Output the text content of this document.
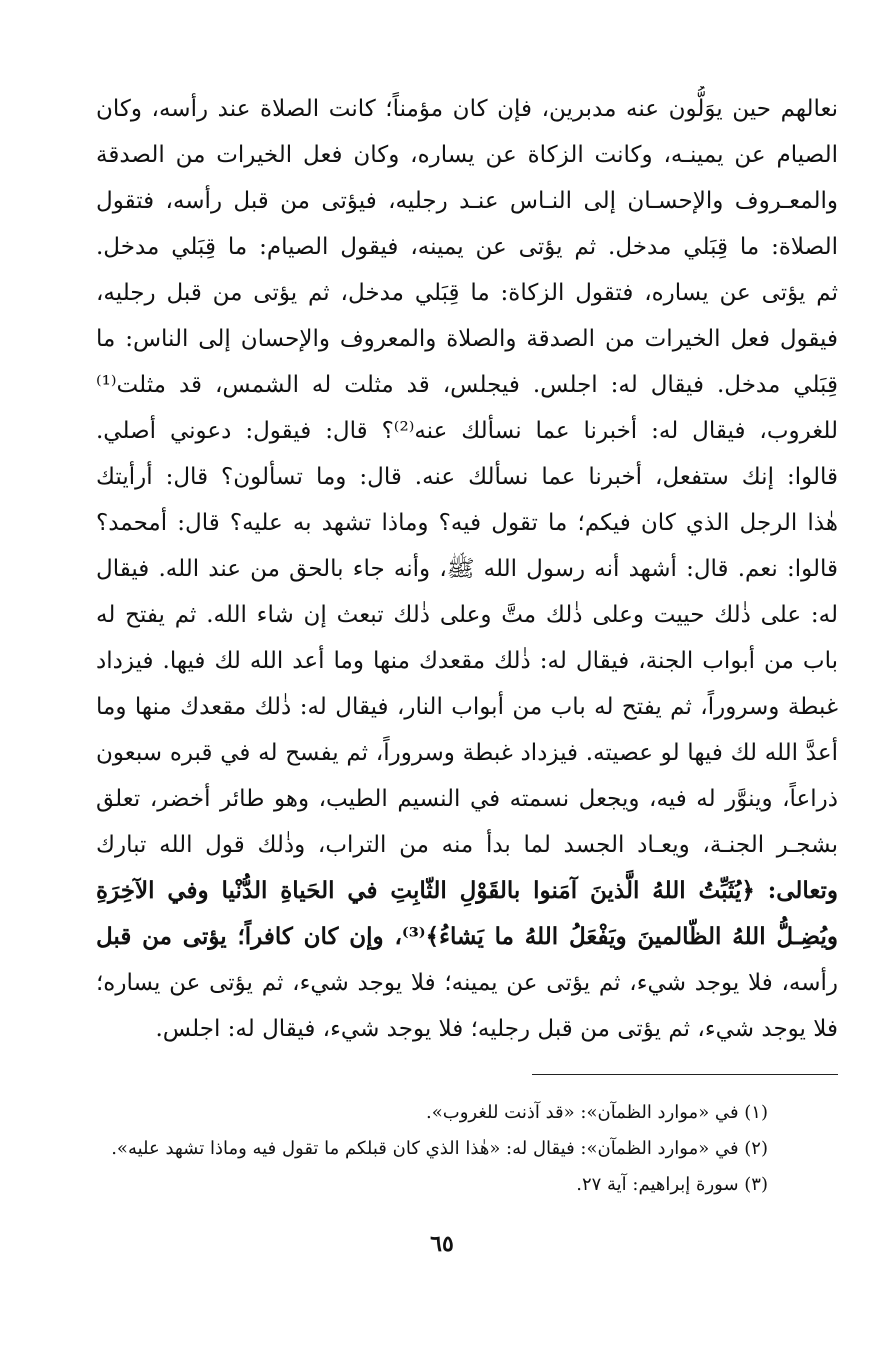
نعالهم حين يوَلُّون عنه مدبرين، فإن كان مؤمناً؛ كانت الصلاة عند رأسه، وكان
الصيام عن يمينـه، وكانت الزكاة عن يساره، وكان فعل الخيرات من الصدقة
والمعـروف والإحسـان إلى النـاس عنـد رجليه، فيؤتى من قبل رأسه، فتقول
الصلاة: ما قِبَلي مدخل. ثم يؤتى عن يمينه، فيقول الصيام: ما قِبَلي مدخل.
ثم يؤتى عن يساره، فتقول الزكاة: ما قِبَلي مدخل، ثم يؤتى من قبل رجليه،
فيقول فعل الخيرات من الصدقة والصلاة والمعروف والإحسان إلى الناس: ما
قِبَلي مدخل. فيقال له: اجلس. فيجلس، قد مثلت له الشمس، قد مثلت⁽¹⁾
للغروب، فيقال له: أخبرنا عما نسألك عنه⁽²⁾؟ قال: فيقول: دعوني أصلي.
قالوا: إنك ستفعل، أخبرنا عما نسألك عنه. قال: وما تسألون؟ قال: أرأيتك
هٰذا الرجل الذي كان فيكم؛ ما تقول فيه؟ وماذا تشهد به عليه؟ قال: أمحمد؟
قالوا: نعم. قال: أشهد أنه رسول الله ﷺ، وأنه جاء بالحق من عند الله. فيقال
له: على ذٰلك حييت وعلى ذٰلك متَّ وعلى ذٰلك تبعث إن شاء الله. ثم يفتح له
باب من أبواب الجنة، فيقال له: ذٰلك مقعدك منها وما أعد الله لك فيها. فيزداد
غبطة وسروراً، ثم يفتح له باب من أبواب النار، فيقال له: ذٰلك مقعدك منها وما
أعدَّ الله لك فيها لو عصيته. فيزداد غبطة وسروراً، ثم يفسح له في قبره سبعون
ذراعاً، وينوَّر له فيه، ويجعل نسمته في النسيم الطيب، وهو طائر أخضر، تعلق
بشجـر الجنـة، ويعـاد الجسد لما بدأ منه من التراب، وذٰلك قول الله تبارك
وتعالى: ﴿يُثَبِّتُ اللهُ الَّذينَ آمَنوا بالقَوْلِ الثّابِتِ في الحَياةِ الدُّنْيا وفي الآخِرَةِ
ويُضِـلُّ اللهُ الظّالمينَ ويَفْعَلُ اللهُ ما يَشاءُ﴾⁽³⁾، وإن كان كافراً؛ يؤتى من قبل
رأسه، فلا يوجد شيء، ثم يؤتى عن يمينه؛ فلا يوجد شيء، ثم يؤتى عن يساره؛
فلا يوجد شيء، ثم يؤتى من قبل رجليه؛ فلا يوجد شيء، فيقال له: اجلس.
(١) في «موارد الظمآن»: «قد آذنت للغروب».
(٢) في «موارد الظمآن»: فيقال له: «هٰذا الذي كان قبلكم ما تقول فيه وماذا تشهد عليه».
(٣) سورة إبراهيم: آية ٢٧.
٦٥
